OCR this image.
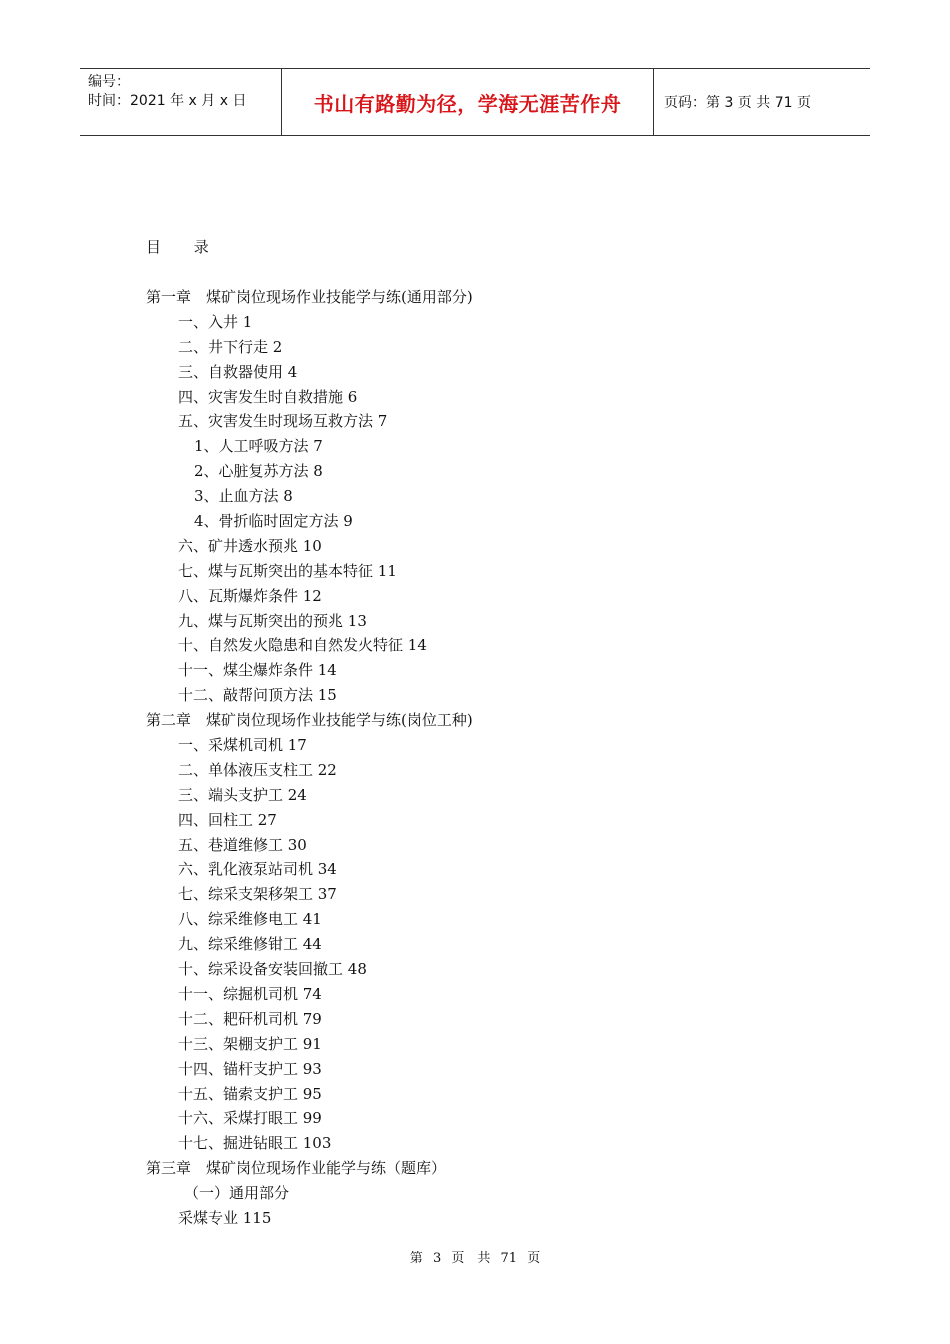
编号：
时间：2021 年 x 月 x 日	书山有路勤为径，学海无涯苦作舟	页码：第 3 页 共 71 页
目 录
第一章　煤矿岗位现场作业技能学与练(通用部分)
一、入井 1
二、井下行走 2
三、自救器使用 4
四、灾害发生时自救措施 6
五、灾害发生时现场互救方法 7
1、人工呼吸方法 7
2、心脏复苏方法 8
3、止血方法 8
4、骨折临时固定方法 9
六、矿井透水预兆 10
七、煤与瓦斯突出的基本特征 11
八、瓦斯爆炸条件 12
九、煤与瓦斯突出的预兆 13
十、自然发火隐患和自然发火特征 14
十一、煤尘爆炸条件 14
十二、敲帮问顶方法 15
第二章　煤矿岗位现场作业技能学与练(岗位工种)
一、采煤机司机 17
二、单体液压支柱工 22
三、端头支护工 24
四、回柱工 27
五、巷道维修工 30
六、乳化液泵站司机 34
七、综采支架移架工 37
八、综采维修电工 41
九、综采维修钳工 44
十、综采设备安装回撤工 48
十一、综掘机司机 74
十二、耙矸机司机 79
十三、架棚支护工 91
十四、锚杆支护工 93
十五、锚索支护工 95
十六、采煤打眼工 99
十七、掘进钻眼工 103
第三章　煤矿岗位现场作业能学与练（题库）
（一）通用部分
采煤专业 115
第 3 页　共 71 页
